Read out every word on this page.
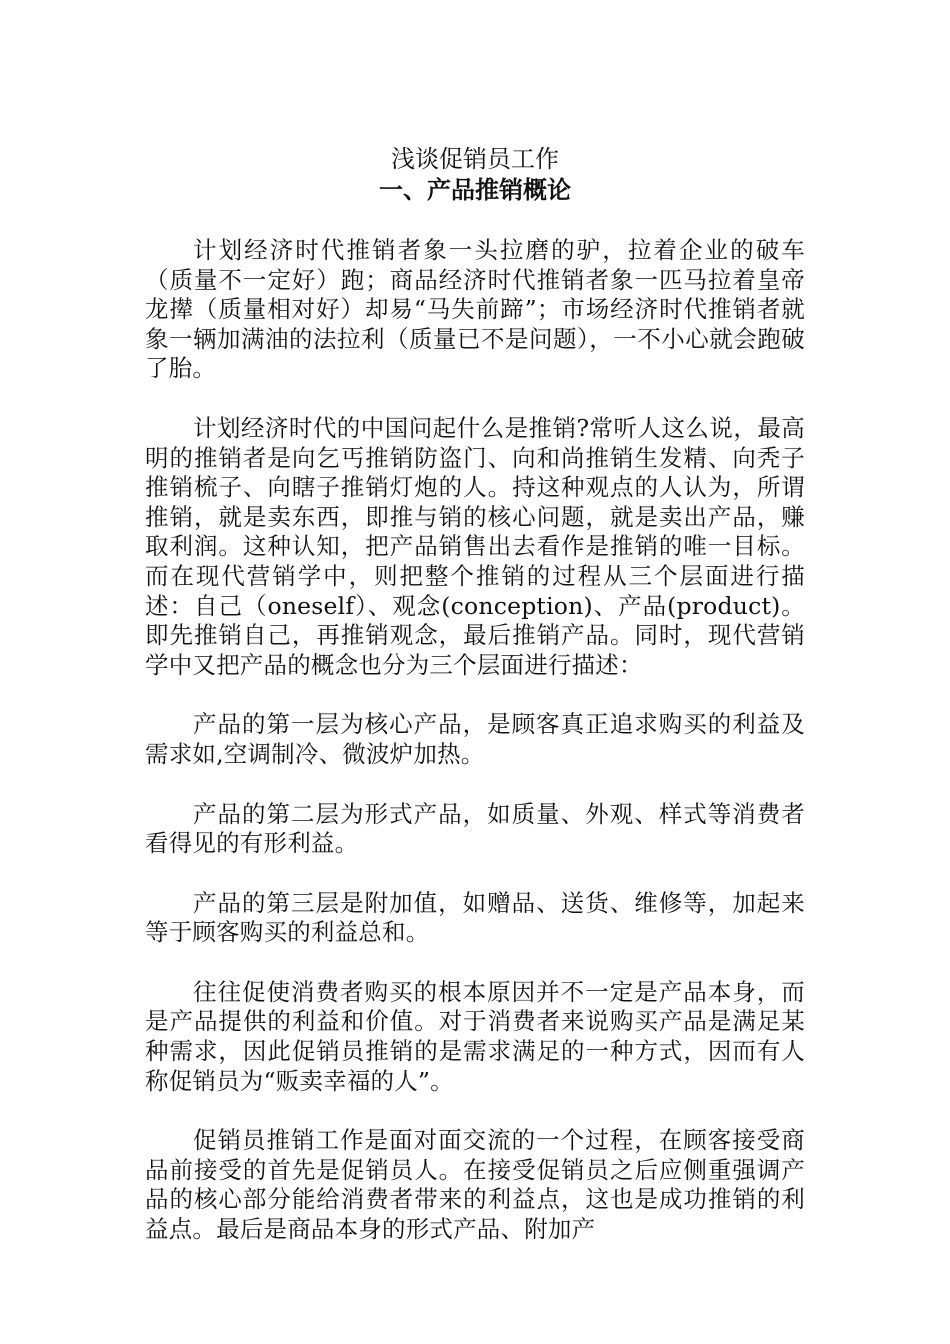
浅谈促销员工作
一、产品推销概论

计划经济时代推销者象一头拉磨的驴，拉着企业的破车（质量不一定好）跑；商品经济时代推销者象一匹马拉着皇帝龙撵（质量相对好）却易“马失前蹄”；市场经济时代推销者就象一辆加满油的法拉利（质量已不是问题），一不小心就会跑破了胎。

计划经济时代的中国问起什么是推销?常听人这么说，最高明的推销者是向乞丐推销防盗门、向和尚推销生发精、向秃子推销梳子、向瞎子推销灯炮的人。持这种观点的人认为，所谓推销，就是卖东西，即推与销的核心问题，就是卖出产品，赚取利润。这种认知，把产品销售出去看作是推销的唯一目标。而在现代营销学中，则把整个推销的过程从三个层面进行描述：自己（oneself）、观念(conception)、产品(product)。即先推销自己，再推销观念，最后推销产品。同时，现代营销学中又把产品的概念也分为三个层面进行描述：

产品的第一层为核心产品，是顾客真正追求购买的利益及需求如,空调制冷、微波炉加热。

产品的第二层为形式产品，如质量、外观、样式等消费者看得见的有形利益。

产品的第三层是附加值，如赠品、送货、维修等，加起来等于顾客购买的利益总和。

往往促使消费者购买的根本原因并不一定是产品本身，而是产品提供的利益和价值。对于消费者来说购买产品是满足某种需求，因此促销员推销的是需求满足的一种方式，因而有人称促销员为“贩卖幸福的人”。

促销员推销工作是面对面交流的一个过程，在顾客接受商品前接受的首先是促销员人。在接受促销员之后应侧重强调产品的核心部分能给消费者带来的利益点，这也是成功推销的利益点。最后是商品本身的形式产品、附加产
